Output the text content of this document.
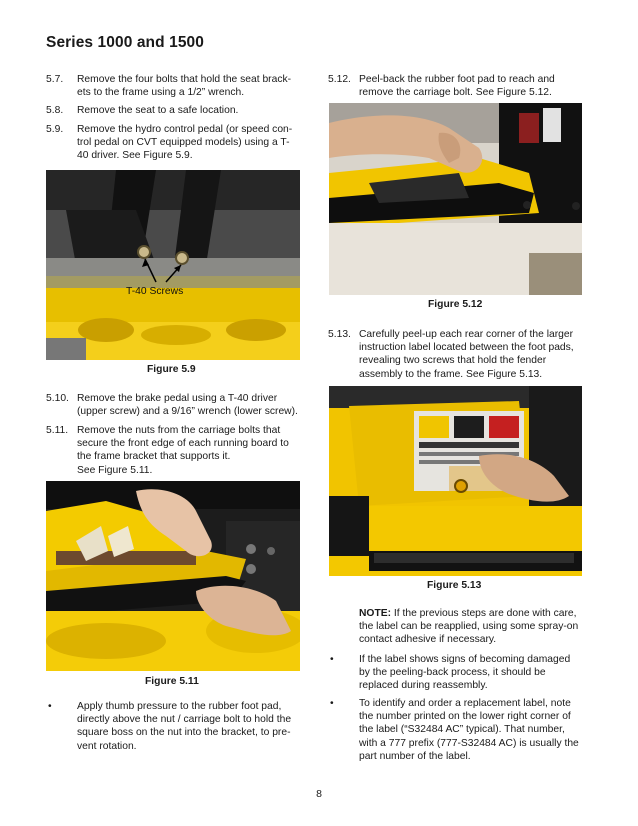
Series 1000 and 1500
5.7. Remove the four bolts that hold the seat brack-
ets to the frame using a 1/2” wrench.
5.8. Remove the seat to a safe location.
5.9. Remove the hydro control pedal (or speed con-
trol pedal on CVT equipped models) using a T-
40 driver. See Figure 5.9.
T-40 Screws
Figure 5.9
5.10. Remove the brake pedal using a T-40 driver
(upper screw) and a 9/16” wrench (lower screw).
5.11. Remove the nuts from the carriage bolts that
secure the front edge of each running board to
the frame bracket that supports it.
See Figure 5.11.
Figure 5.11
• Apply thumb pressure to the rubber foot pad,
directly above the nut / carriage bolt to hold the
square boss on the nut into the bracket, to pre-
vent rotation.
5.12. Peel-back the rubber foot pad to reach and
remove the carriage bolt. See Figure 5.12.
Figure 5.12
5.13. Carefully peel-up each rear corner of the larger
instruction label located between the foot pads,
revealing two screws that hold the fender
assembly to the frame. See Figure 5.13.
Figure 5.13
NOTE: If the previous steps are done with care,
the label can be reapplied, using some spray-on
contact adhesive if necessary.
• If the label shows signs of becoming damaged
by the peeling-back process, it should be
replaced during reassembly.
• To identify and order a replacement label, note
the number printed on the lower right corner of
the label (“S32484 AC” typical). That number,
with a 777 prefix (777-S32484 AC) is usually the
part number of the label.
8
